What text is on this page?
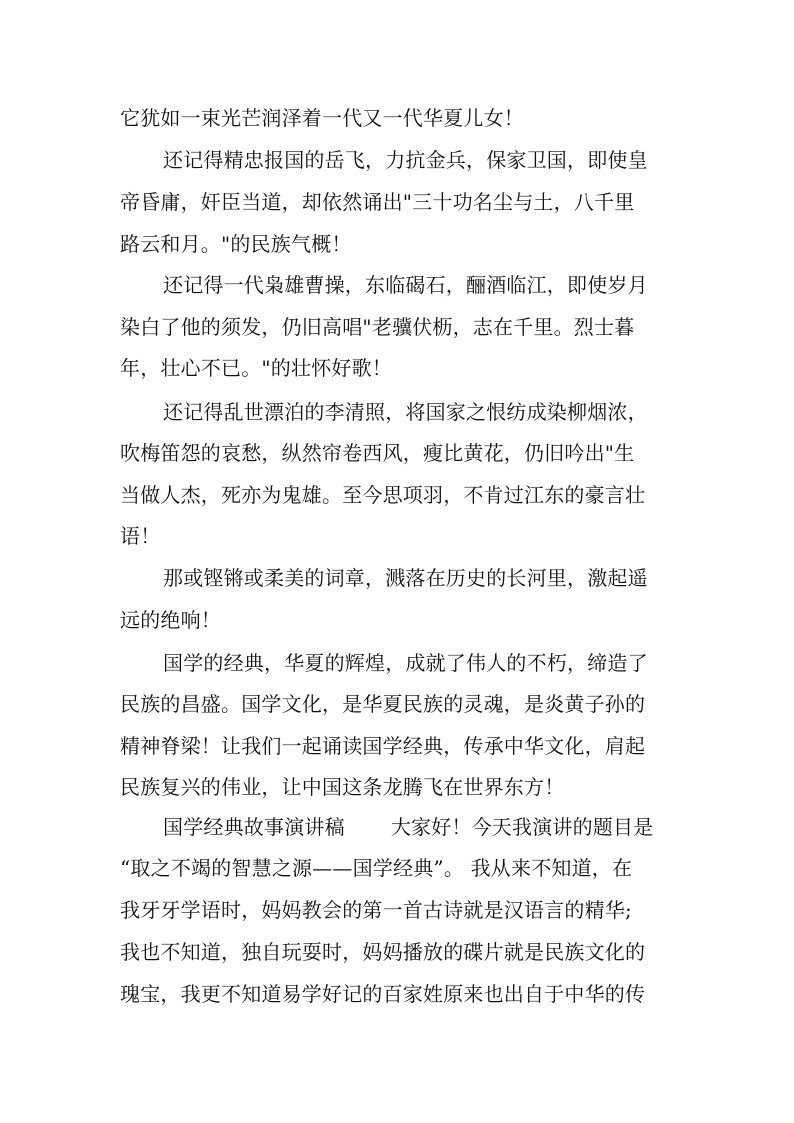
它犹如一束光芒润泽着一代又一代华夏儿女！
还记得精忠报国的岳飞，力抗金兵，保家卫国，即使皇
帝昏庸，奸臣当道，却依然诵出"三十功名尘与土，八千里
路云和月。"的民族气概！
还记得一代枭雄曹操，东临碣石，酾酒临江，即使岁月
染白了他的须发，仍旧高唱"老骥伏枥，志在千里。烈士暮
年，壮心不已。"的壮怀好歌！
还记得乱世漂泊的李清照，将国家之恨纺成染柳烟浓，
吹梅笛怨的哀愁，纵然帘卷西风，瘦比黄花，仍旧吟出"生
当做人杰，死亦为鬼雄。至今思项羽，不肯过江东的豪言壮
语！
那或铿锵或柔美的词章，溅落在历史的长河里，激起遥
远的绝响！
国学的经典，华夏的辉煌，成就了伟人的不朽，缔造了
民族的昌盛。国学文化，是华夏民族的灵魂，是炎黄子孙的
精神脊梁！让我们一起诵读国学经典，传承中华文化，肩起
民族复兴的伟业，让中国这条龙腾飞在世界东方！
国学经典故事演讲稿 大家好！今天我演讲的题目是
“取之不竭的智慧之源——国学经典”。 我从来不知道，在
我牙牙学语时，妈妈教会的第一首古诗就是汉语言的精华;
我也不知道，独自玩耍时，妈妈播放的碟片就是民族文化的
瑰宝，我更不知道易学好记的百家姓原来也出自于中华的传
